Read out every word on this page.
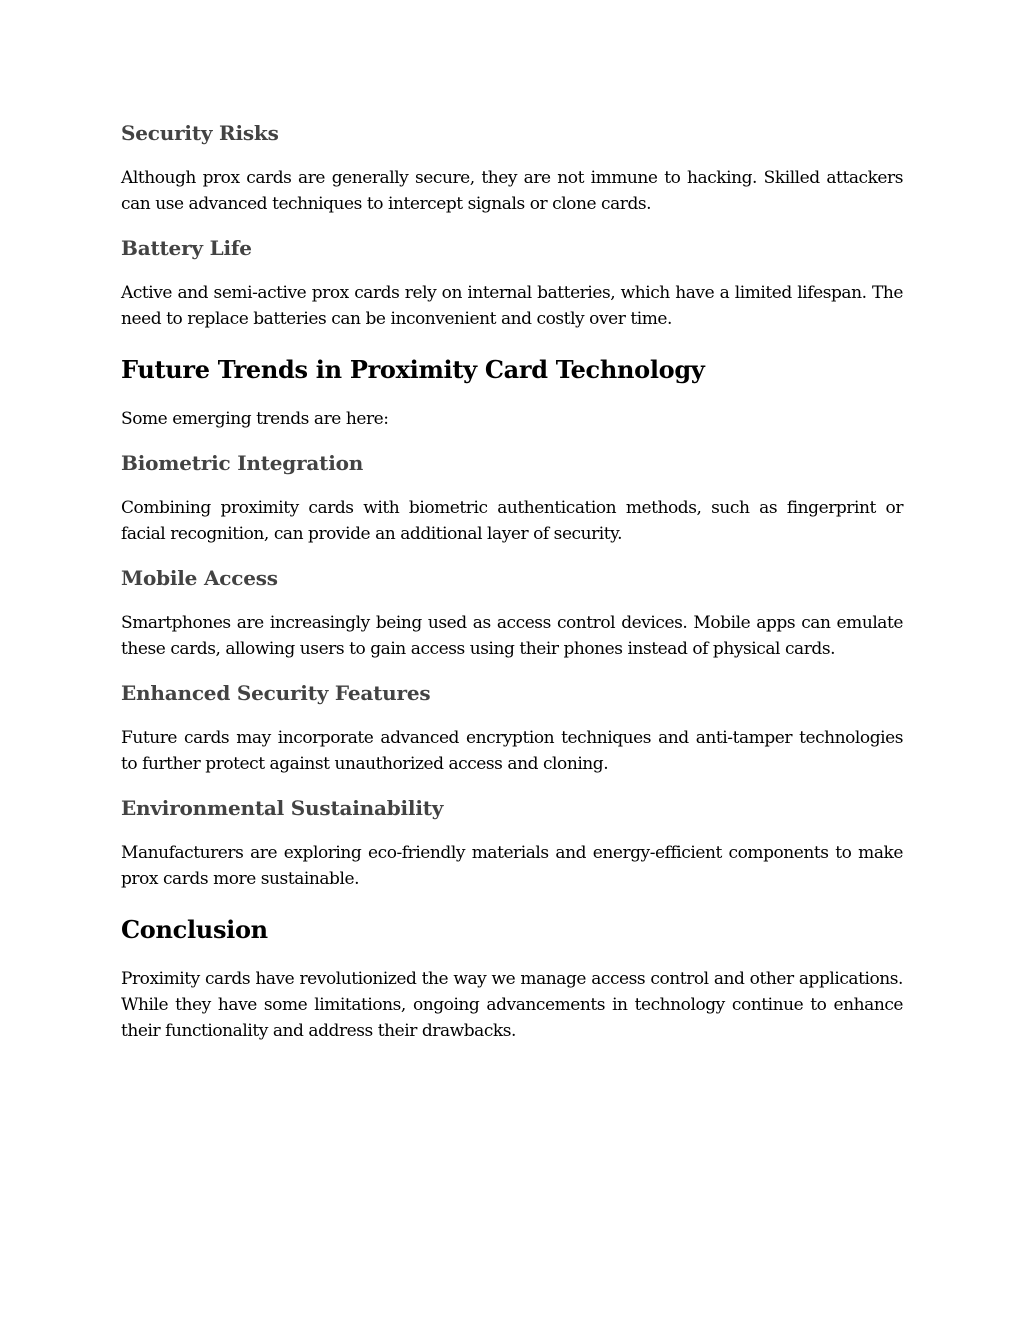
Security Risks

Although prox cards are generally secure, they are not immune to hacking. Skilled attackers can use advanced techniques to intercept signals or clone cards.

Battery Life

Active and semi-active prox cards rely on internal batteries, which have a limited lifespan. The need to replace batteries can be inconvenient and costly over time.

Future Trends in Proximity Card Technology

Some emerging trends are here:

Biometric Integration

Combining proximity cards with biometric authentication methods, such as fingerprint or facial recognition, can provide an additional layer of security.

Mobile Access

Smartphones are increasingly being used as access control devices. Mobile apps can emulate these cards, allowing users to gain access using their phones instead of physical cards.

Enhanced Security Features

Future cards may incorporate advanced encryption techniques and anti-tamper technologies to further protect against unauthorized access and cloning.

Environmental Sustainability

Manufacturers are exploring eco-friendly materials and energy-efficient components to make prox cards more sustainable.

Conclusion

Proximity cards have revolutionized the way we manage access control and other applications. While they have some limitations, ongoing advancements in technology continue to enhance their functionality and address their drawbacks.
